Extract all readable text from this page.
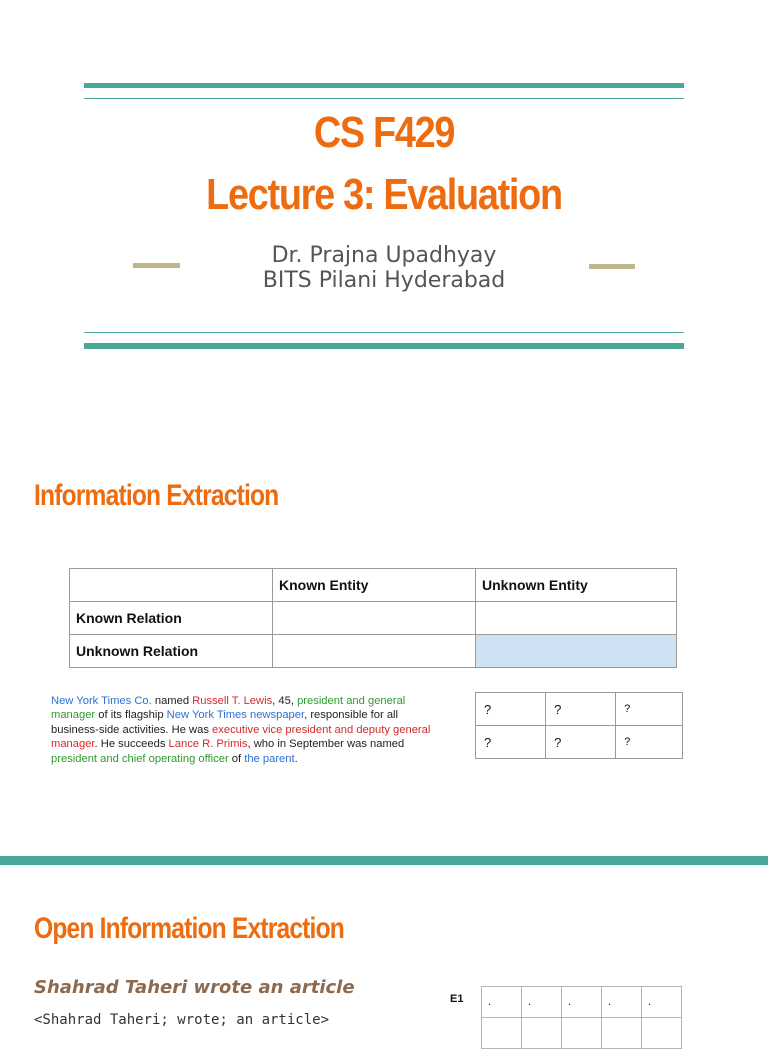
CS F429
Lecture 3: Evaluation
Dr. Prajna Upadhyay
BITS Pilani Hyderabad
Information Extraction
	Known Entity	Unknown Entity
Known Relation		
Unknown Relation		
New York Times Co. named Russell T. Lewis, 45, president and general manager of its flagship New York Times newspaper, responsible for all business-side activities. He was executive vice president and deputy general manager. He succeeds Lance R. Primis, who in September was named president and chief operating officer of the parent.
?	?	?
?	?	?
Open Information Extraction
Shahrad Taheri wrote an article
<Shahrad Taheri; wrote; an article>
E1 .	.	.	.	.
